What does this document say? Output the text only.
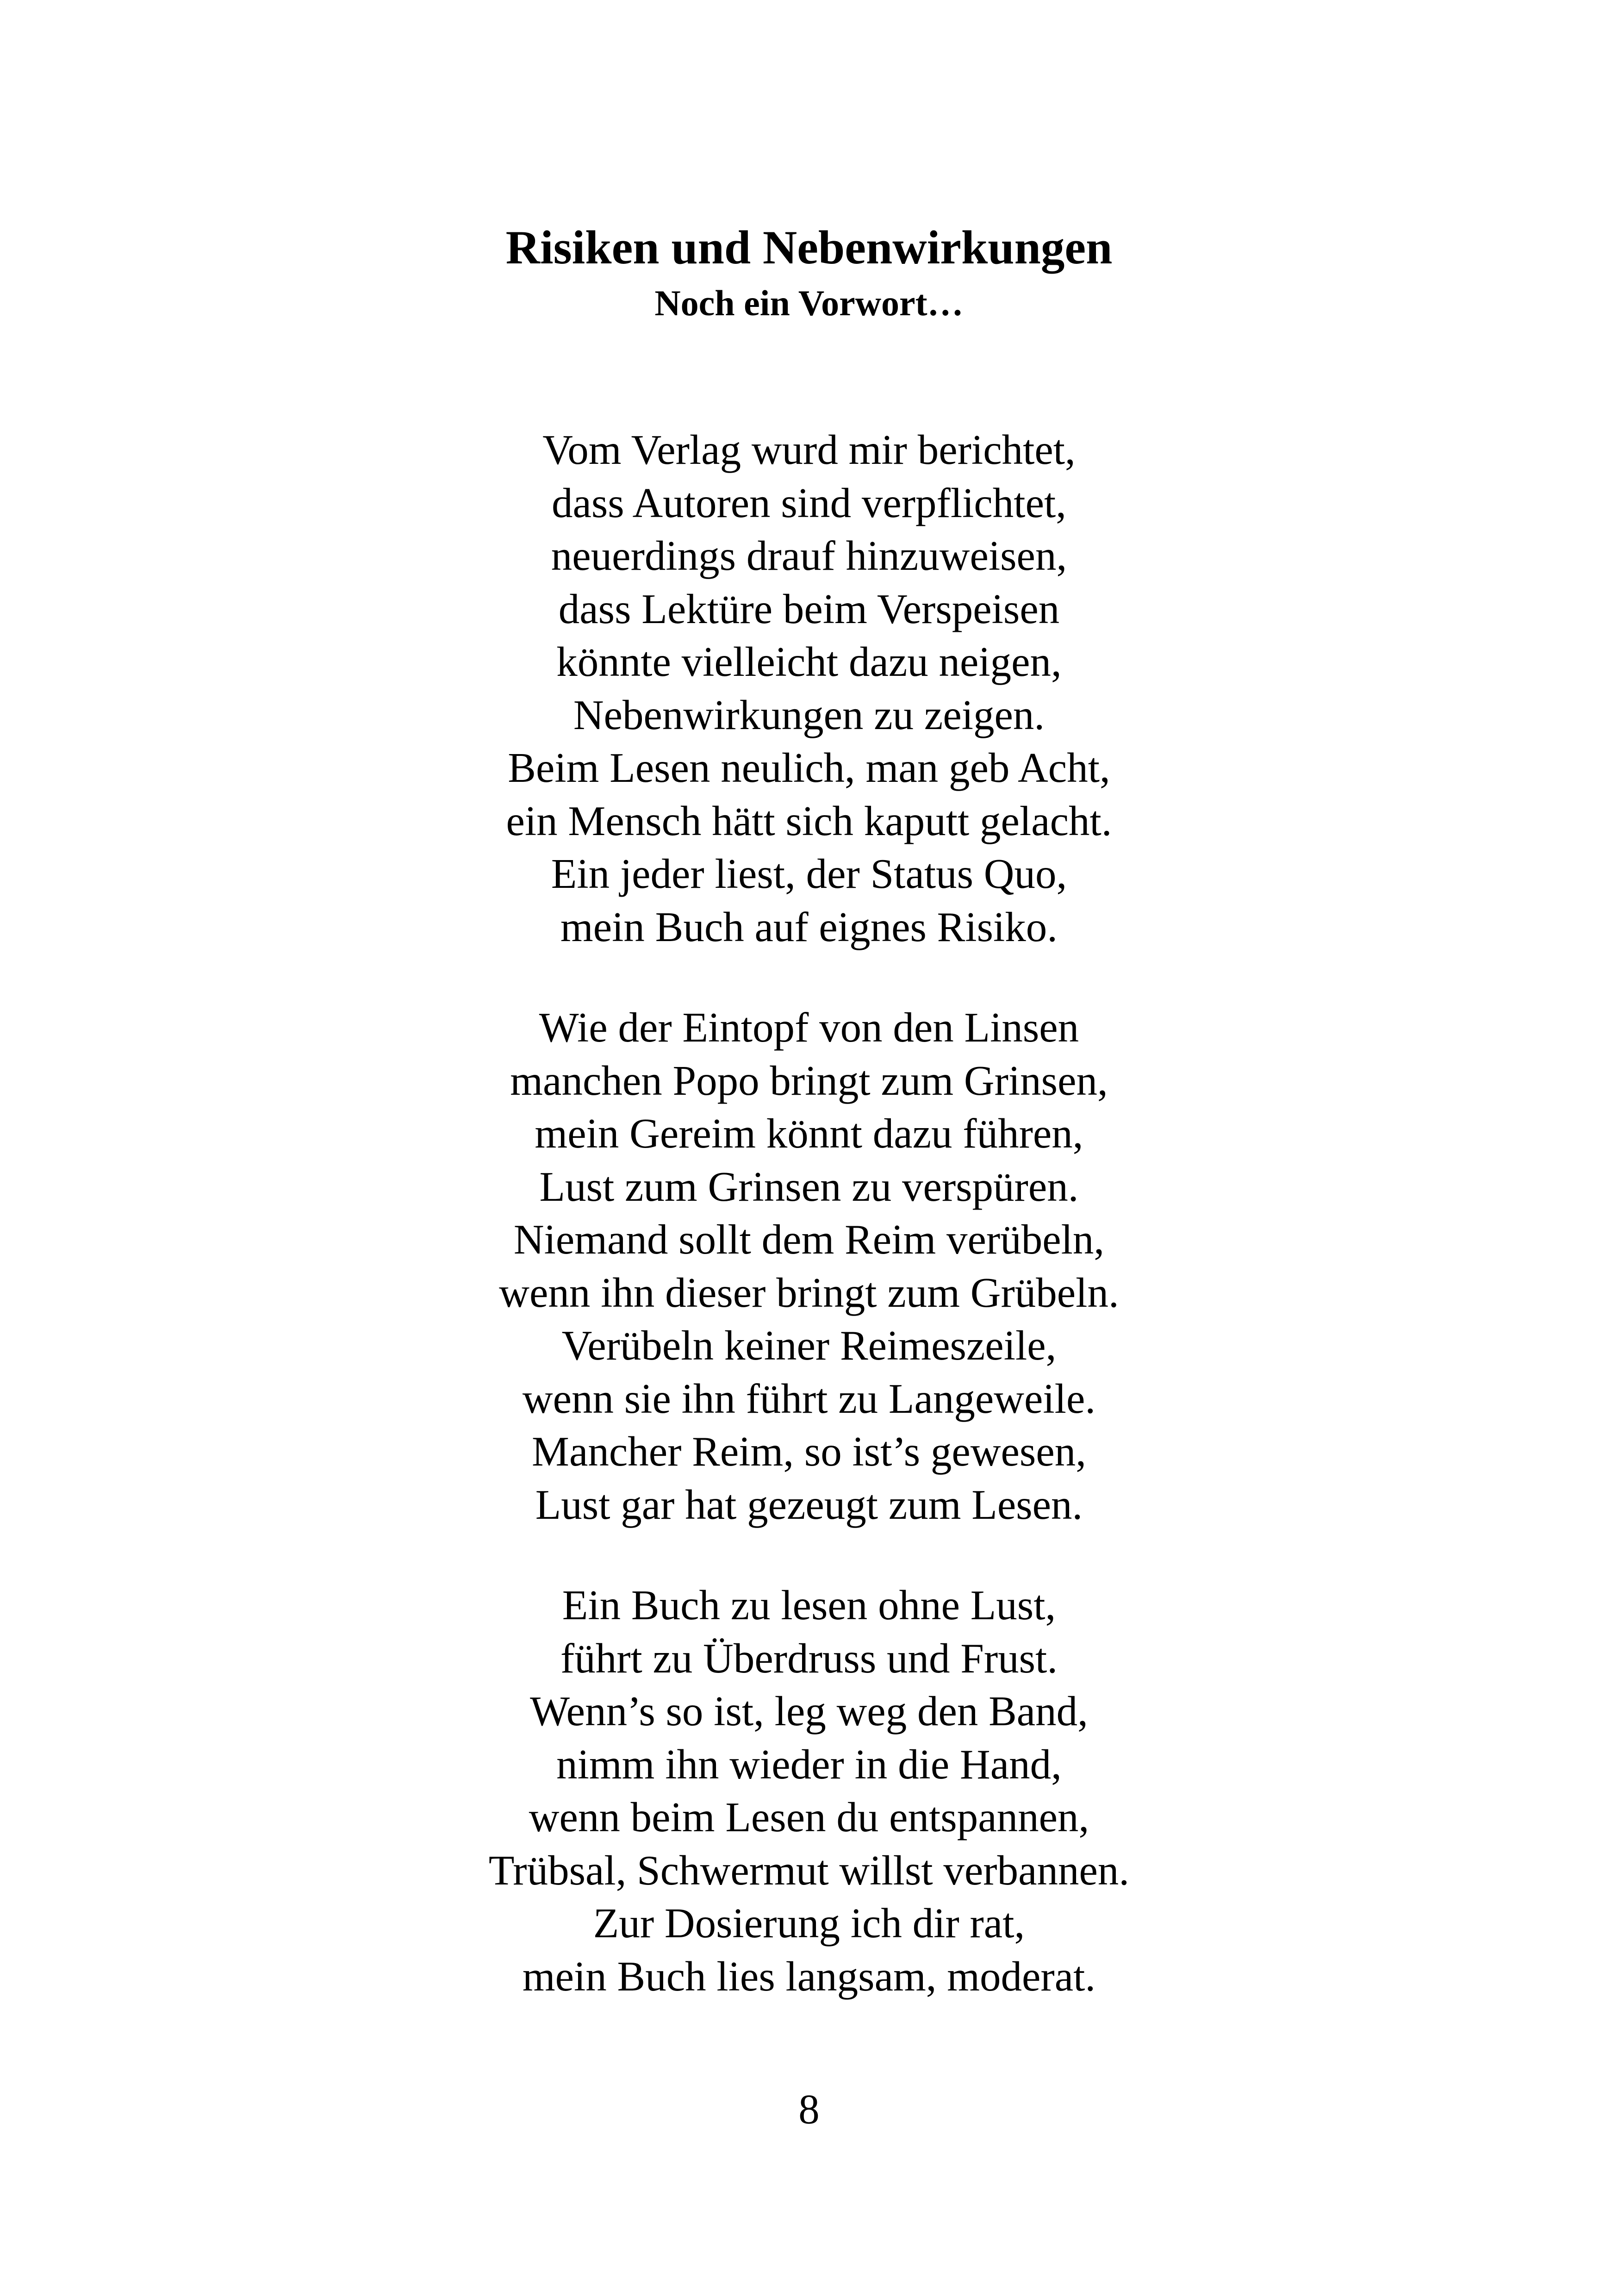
Risiken und Nebenwirkungen
Noch ein Vorwort…

Vom Verlag wurd mir berichtet,
dass Autoren sind verpflichtet,
neuerdings drauf hinzuweisen,
dass Lektüre beim Verspeisen
könnte vielleicht dazu neigen,
Nebenwirkungen zu zeigen.
Beim Lesen neulich, man geb Acht,
ein Mensch hätt sich kaputt gelacht.
Ein jeder liest, der Status Quo,
mein Buch auf eignes Risiko.

Wie der Eintopf von den Linsen
manchen Popo bringt zum Grinsen,
mein Gereim könnt dazu führen,
Lust zum Grinsen zu verspüren.
Niemand sollt dem Reim verübeln,
wenn ihn dieser bringt zum Grübeln.
Verübeln keiner Reimeszeile,
wenn sie ihn führt zu Langeweile.
Mancher Reim, so ist’s gewesen,
Lust gar hat gezeugt zum Lesen.

Ein Buch zu lesen ohne Lust,
führt zu Überdruss und Frust.
Wenn’s so ist, leg weg den Band,
nimm ihn wieder in die Hand,
wenn beim Lesen du entspannen,
Trübsal, Schwermut willst verbannen.
Zur Dosierung ich dir rat,
mein Buch lies langsam, moderat.

8
